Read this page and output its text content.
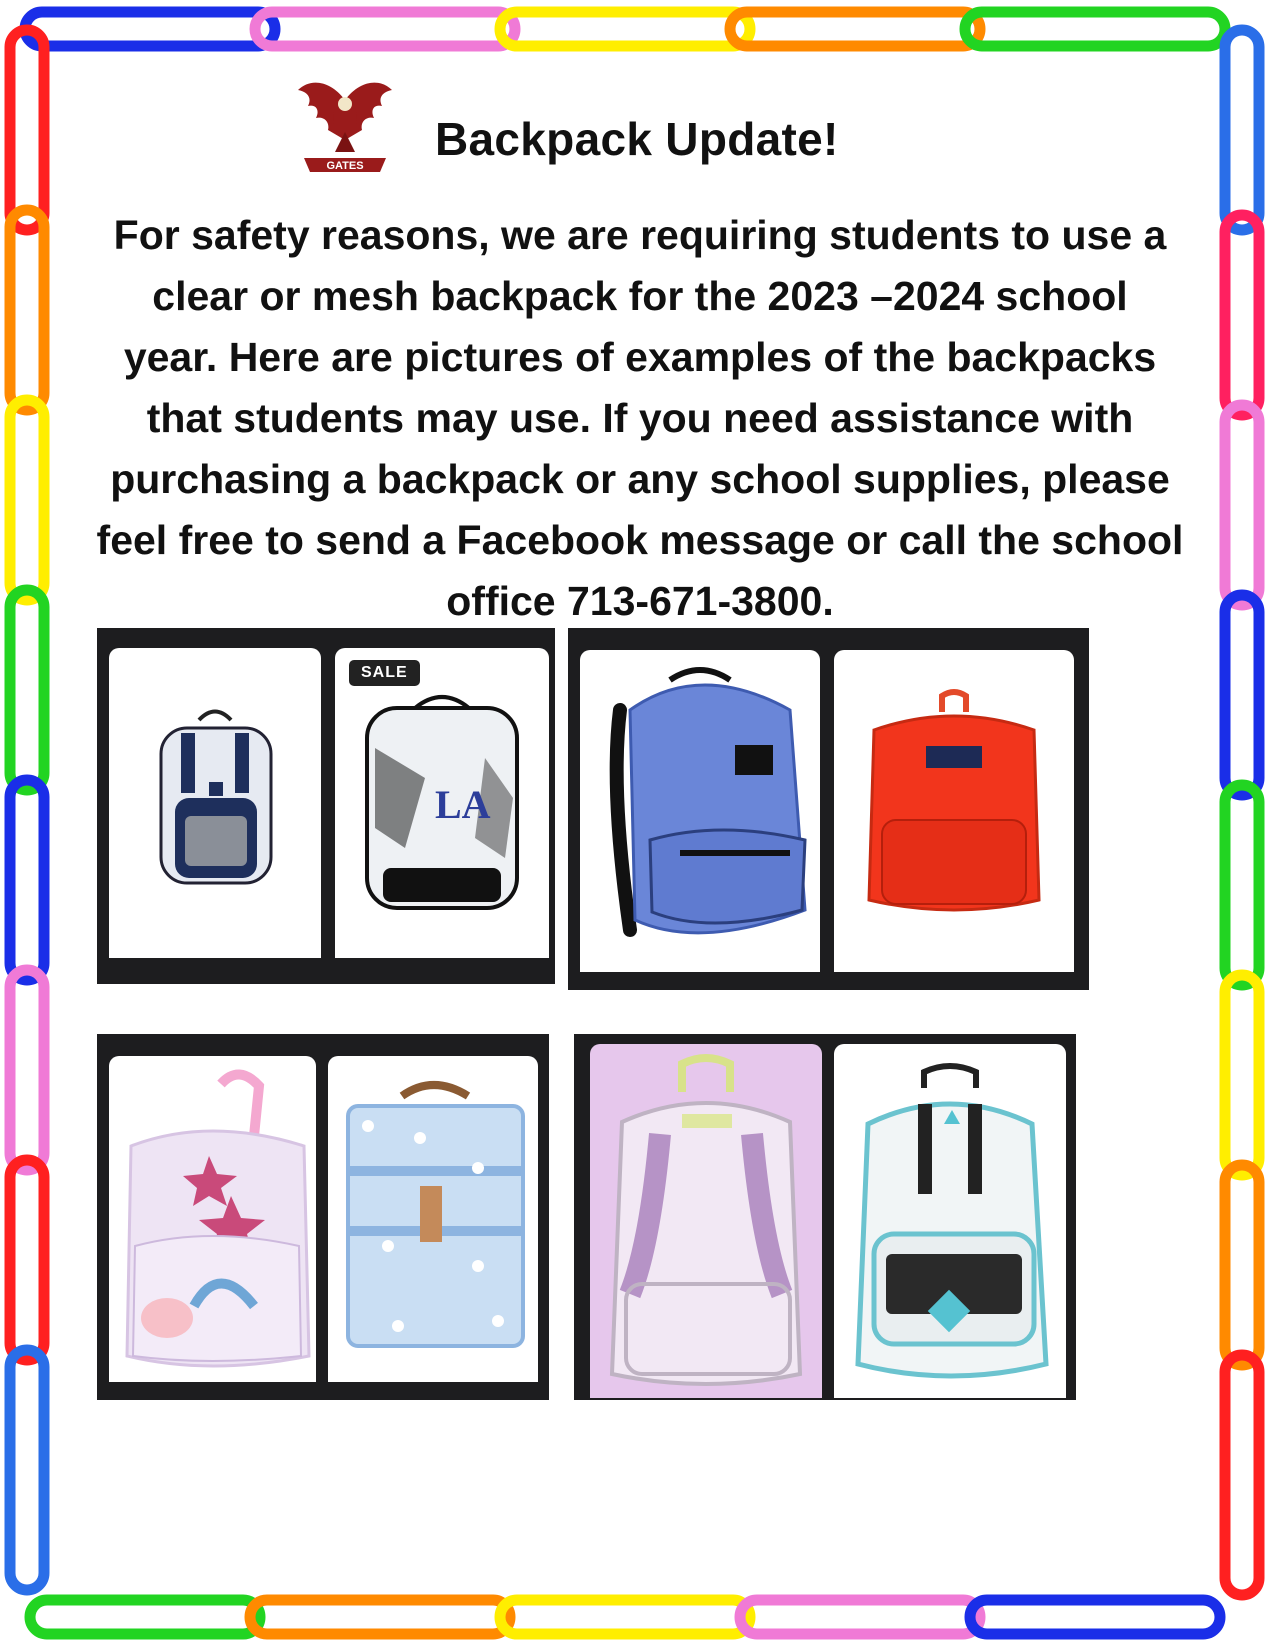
GATES
Backpack Update!
For safety reasons, we are requiring students to use a
clear or mesh backpack for the 2023 –2024 school
year. Here are pictures of examples of the backpacks
that students may use. If you need assistance with
purchasing a backpack or any school supplies, please
feel free to send a Facebook message or call the school
office 713-671-3800.
LA
SALE
